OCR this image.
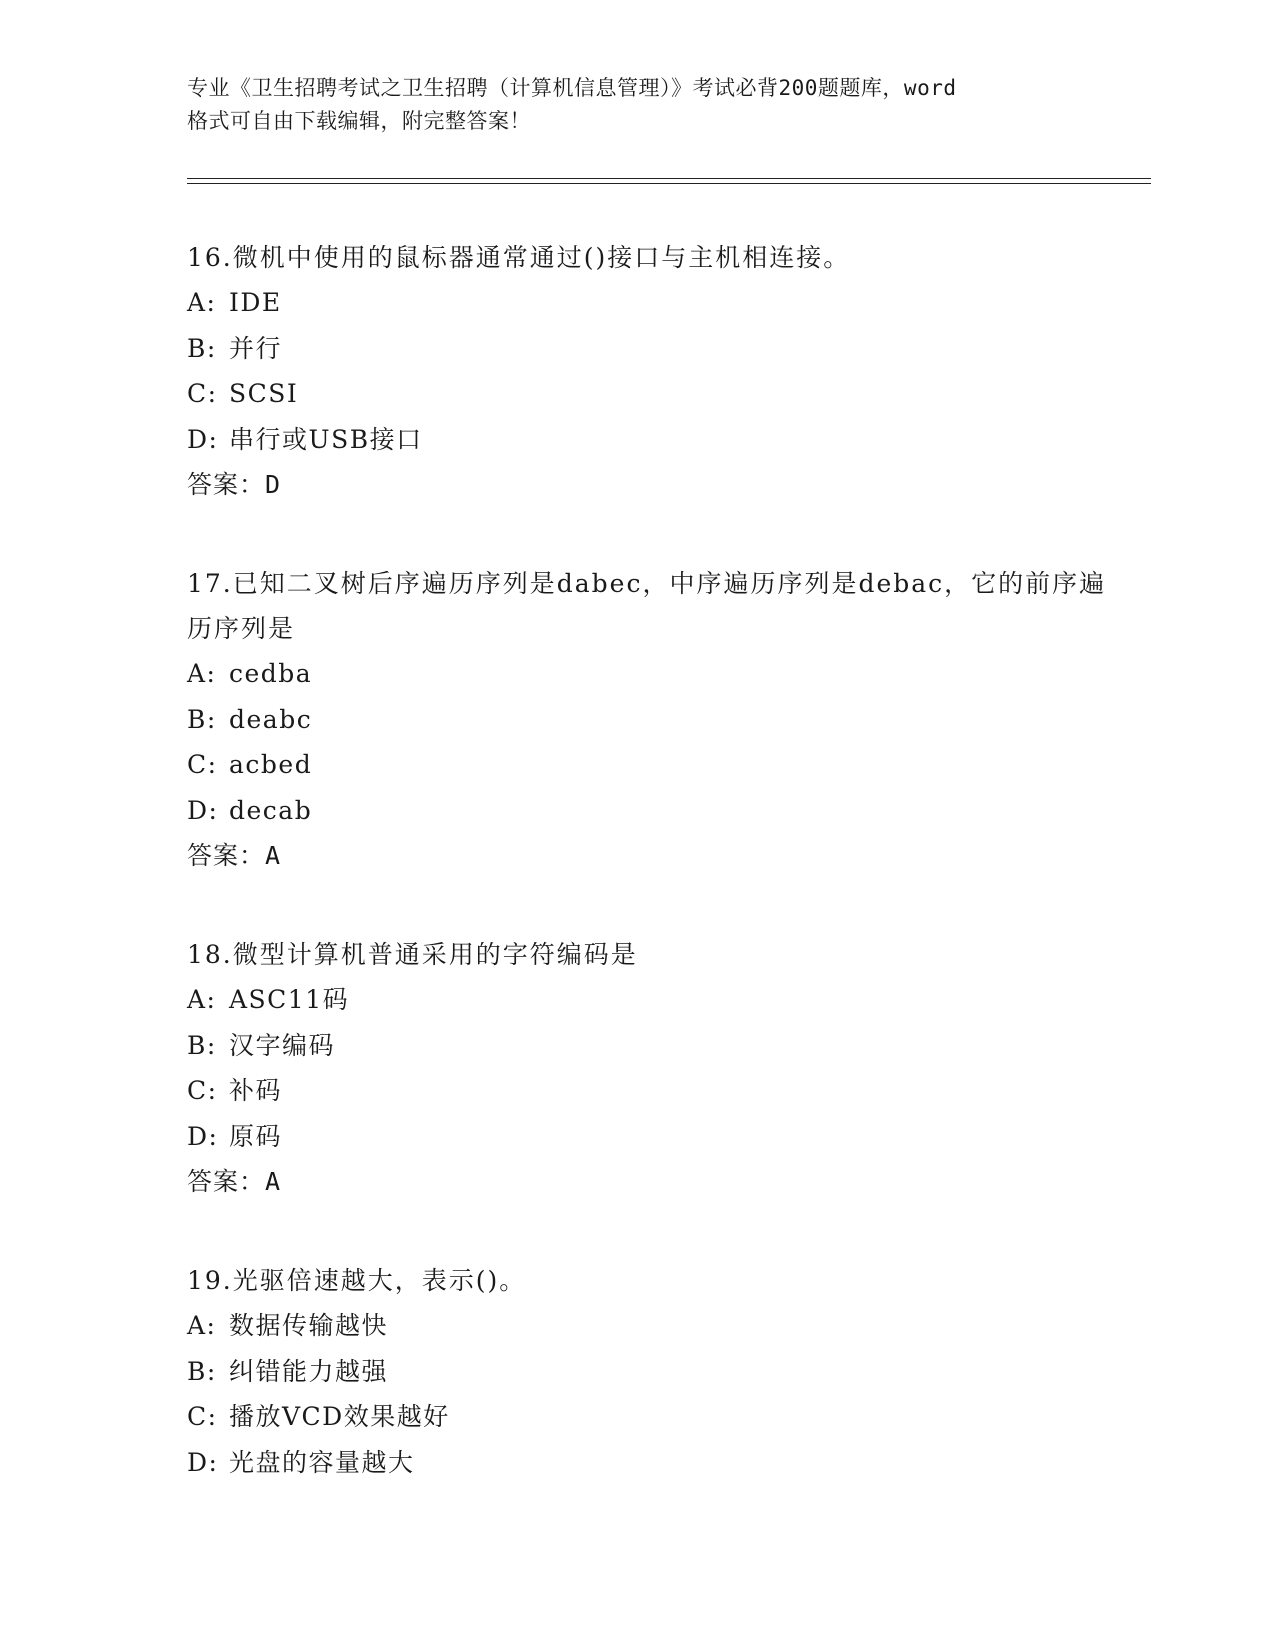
专业《卫生招聘考试之卫生招聘（计算机信息管理）》考试必背200题题库，word
格式可自由下载编辑，附完整答案！
16.微机中使用的鼠标器通常通过()接口与主机相连接。
A: IDE
B: 并行
C: SCSI
D: 串行或USB接口
答案：D
17.已知二叉树后序遍历序列是dabec，中序遍历序列是debac，它的前序遍历序列是
A: cedba
B: deabc
C: acbed
D: decab
答案：A
18.微型计算机普通采用的字符编码是
A: ASC11码
B: 汉字编码
C: 补码
D: 原码
答案：A
19.光驱倍速越大，表示()。
A: 数据传输越快
B: 纠错能力越强
C: 播放VCD效果越好
D: 光盘的容量越大
